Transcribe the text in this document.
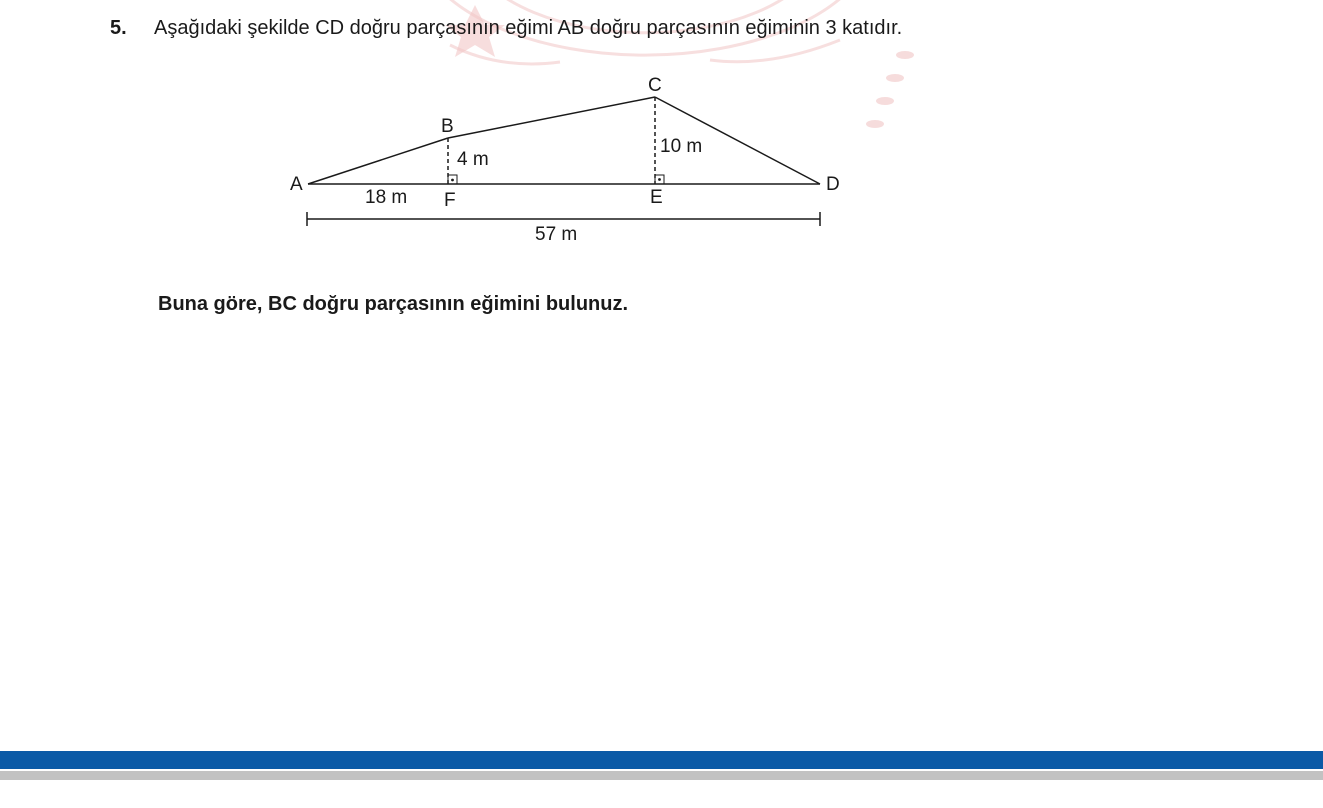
5. Aşağıdaki şekilde CD doğru parçasının eğimi AB doğru parçasının eğiminin 3 katıdır.
A
B
C
D
F	E
18 m
4 m
10 m
57 m
Buna göre, BC doğru parçasının eğimini bulunuz.
